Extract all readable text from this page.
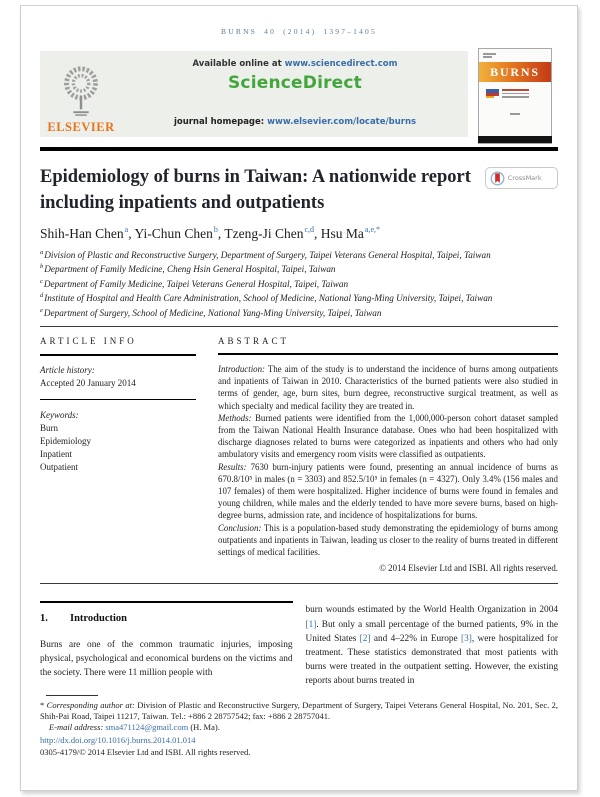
BURNS 40 (2014) 1397–1405
ELSEVIER
Available online at www.sciencedirect.com
ScienceDirect
journal homepage: www.elsevier.com/locate/burns
BURNS
Epidemiology of burns in Taiwan: A nationwide report including inpatients and outpatients
CrossMark
Shih-Han Chen$^a$, Yi-Chun Chen$^b$, Tzeng-Ji Chen$^{c,d}$, Hsu $Ma^{a,e,*}$
$^a$Division of Plastic and Reconstructive Surgery, Department of Surgery, Taipei Veterans General Hospital, Taipei, Taiwan
$^b$Department of Family Medicine, Cheng Hsin General Hospital, Taipei, Taiwan
$^c$Department of Family Medicine, Taipei Veterans General Hospital, Taipei, Taiwan
$^d$Institute of Hospital and Health Care Administration, School of Medicine, National Yang-Ming University, Taipei, Taiwan
$^e$Department of Surgery, School of Medicine, National Yang-Ming University, Taipei, Taiwan
ARTICLE INFO
Article history:
Accepted 20 January 2014
Keywords:
Burn
Epidemiology
Inpatient
Outpatient
ABSTRACT

Introduction: The aim of the study is to understand the incidence of burns among outpatients and inpatients of Taiwan in 2010. Characteristics of the burned patients were also studied in terms of gender, age, burn sites, burn degree, reconstructive surgical treatment, as well as which specialty and medical facility they are treated in.

Methods: Burned patients were identified from the 1,000,000-person cohort dataset sampled from the Taiwan National Health Insurance database. Ones who had been hospitalized with discharge diagnoses related to burns were categorized as inpatients and others who had only ambulatory visits and emergency room visits were classified as outpatients.

Results: 7630 burn-injury patients were found, presenting an annual incidence of burns as 670.8/10⁵ in males (n = 3303) and 852.5/10⁵ in females (n = 4327). Only 3.4% (156 males and 107 females) of them were hospitalized. Higher incidence of burns were found in females and young children, while males and the elderly tended to have more severe burns, based on high-degree burns, admission rate, and incidence of hospitalizations for burns.

Conclusion: This is a population-based study demonstrating the epidemiology of burns among outpatients and inpatients in Taiwan, leading us closer to the reality of burns treated in different settings of medical facilities.

© 2014 Elsevier Ltd and ISBI. All rights reserved.
1. Introduction

Burns are one of the common traumatic injuries, imposing physical, psychological and economical burdens on the victims and the society. There were 11 million people with

burn wounds estimated by the World Health Organization in 2004 [1]. But only a small percentage of the burned patients, 9% in the United States [2] and 4–22% in Europe [3], were hospitalized for treatment. These statistics demonstrated that most patients with burns were treated in the outpatient setting. However, the existing reports about burns treated in

* Corresponding author at: Division of Plastic and Reconstructive Surgery, Department of Surgery, Taipei Veterans General Hospital, No. 201, Sec. 2, Shih-Pai Road, Taipei 11217, Taiwan. Tel.: +886 2 28757542; fax: +886 2 28757041.

E-mail address: sma471124@gmail.com (H. Ma).

http://dx.doi.org/10.1016/j.burns.2014.01.014

0305-4179/© 2014 Elsevier Ltd and ISBI. All rights reserved.
